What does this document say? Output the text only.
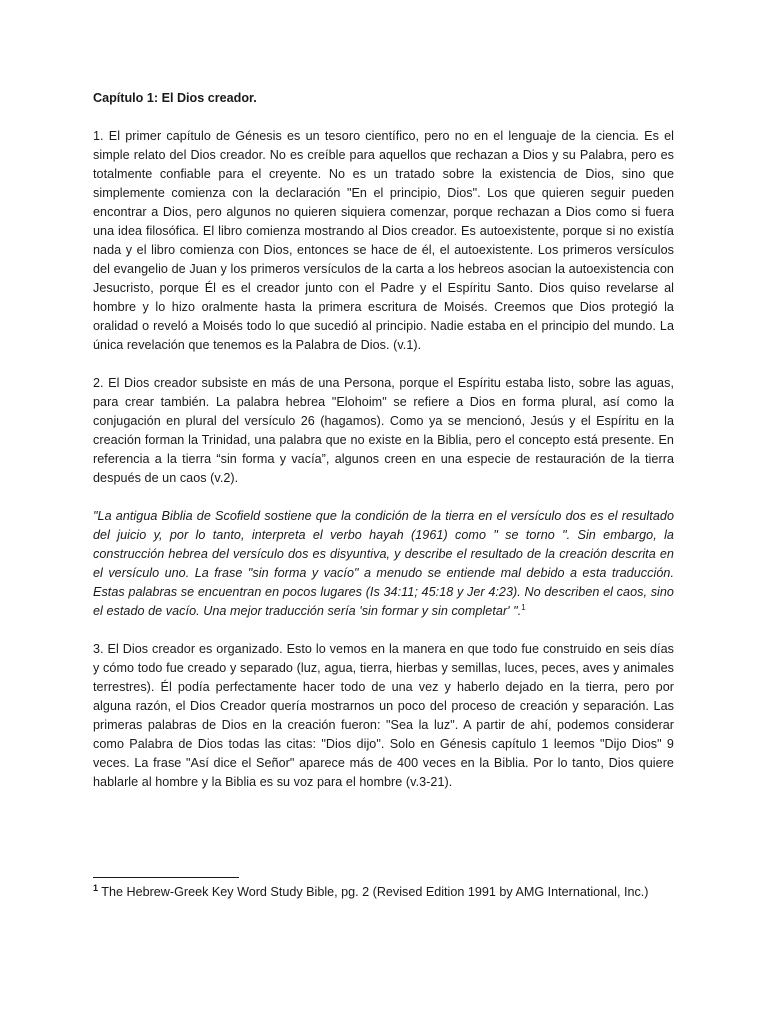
Capítulo 1: El Dios creador.

1. El primer capítulo de Génesis es un tesoro científico, pero no en el lenguaje de la ciencia. Es el simple relato del Dios creador. No es creíble para aquellos que rechazan a Dios y su Palabra, pero es totalmente confiable para el creyente. No es un tratado sobre la existencia de Dios, sino que simplemente comienza con la declaración "En el principio, Dios". Los que quieren seguir pueden encontrar a Dios, pero algunos no quieren siquiera comenzar, porque rechazan a Dios como si fuera una idea filosófica. El libro comienza mostrando al Dios creador. Es autoexistente, porque si no existía nada y el libro comienza con Dios, entonces se hace de él, el autoexistente. Los primeros versículos del evangelio de Juan y los primeros versículos de la carta a los hebreos asocian la autoexistencia con Jesucristo, porque Él es el creador junto con el Padre y el Espíritu Santo. Dios quiso revelarse al hombre y lo hizo oralmente hasta la primera escritura de Moisés. Creemos que Dios protegió la oralidad o reveló a Moisés todo lo que sucedió al principio. Nadie estaba en el principio del mundo. La única revelación que tenemos es la Palabra de Dios. (v.1).

2. El Dios creador subsiste en más de una Persona, porque el Espíritu estaba listo, sobre las aguas, para crear también. La palabra hebrea "Elohoim" se refiere a Dios en forma plural, así como la conjugación en plural del versículo 26 (hagamos). Como ya se mencionó, Jesús y el Espíritu en la creación forman la Trinidad, una palabra que no existe en la Biblia, pero el concepto está presente. En referencia a la tierra “sin forma y vacía”, algunos creen en una especie de restauración de la tierra después de un caos (v.2).

"La antigua Biblia de Scofield sostiene que la condición de la tierra en el versículo dos es el resultado del juicio y, por lo tanto, interpreta el verbo hayah (1961) como " se torno ". Sin embargo, la construcción hebrea del versículo dos es disyuntiva, y describe el resultado de la creación descrita en el versículo uno. La frase "sin forma y vacío" a menudo se entiende mal debido a esta traducción. Estas palabras se encuentran en pocos lugares (Is 34:11; 45:18 y Jer 4:23). No describen el caos, sino el estado de vacío. Una mejor traducción sería 'sin formar y sin completar' ".$^1$

3. El Dios creador es organizado. Esto lo vemos en la manera en que todo fue construido en seis días y cómo todo fue creado y separado (luz, agua, tierra, hierbas y semillas, luces, peces, aves y animales terrestres). Él podía perfectamente hacer todo de una vez y haberlo dejado en la tierra, pero por alguna razón, el Dios Creador quería mostrarnos un poco del proceso de creación y separación. Las primeras palabras de Dios en la creación fueron: "Sea la luz". A partir de ahí, podemos considerar como Palabra de Dios todas las citas: "Dios dijo". Solo en Génesis capítulo 1 leemos "Dijo Dios" 9 veces. La frase "Así dice el Señor" aparece más de 400 veces en la Biblia. Por lo tanto, Dios quiere hablarle al hombre y la Biblia es su voz para el hombre (v.3-21).

$^1$ The Hebrew-Greek Key Word Study Bible, pg. 2 (Revised Edition 1991 by AMG International, Inc.)
